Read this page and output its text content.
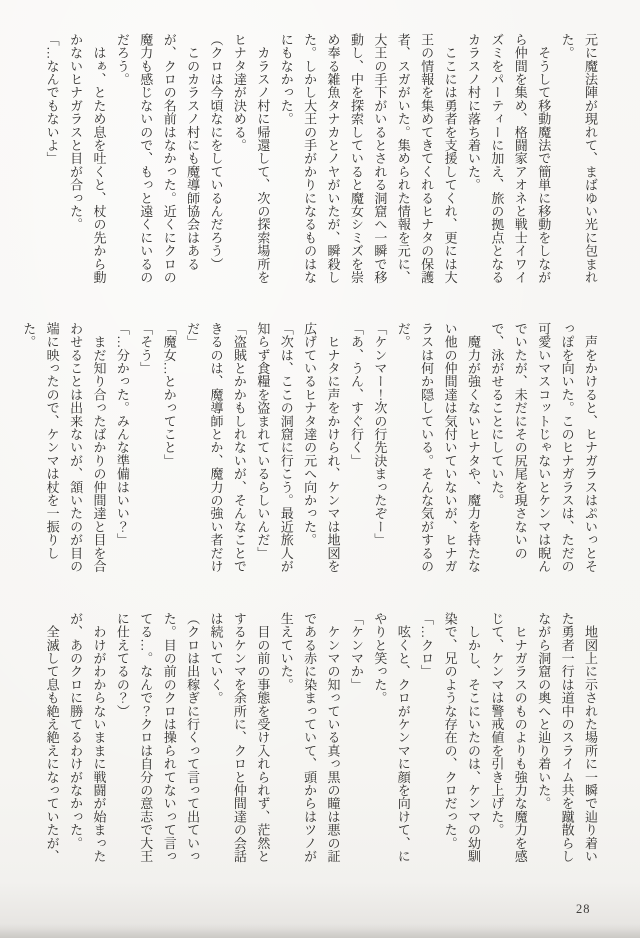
元に魔法陣が現れて、まばゆい光に包まれた。

　そうして移動魔法で簡単に移動をしながら仲間を集め、格闘家アオネと戦士イワイズミをパーティーに加え、旅の拠点となるカラスノ村に落ち着いた。

　ここには勇者を支援してくれ、更には大王の情報を集めてきてくれるヒナタの保護者、スガがいた。集められた情報を元に、大王の手下がいるとされる洞窟へ一瞬で移動し、中を探索していると魔女シミズを崇め奉る雑魚タナカとノヤがいたが、瞬殺した。しかし大王の手がかりになるものはなにもなかった。

　カラスノ村に帰還して、次の探索場所をヒナタ達が決める。

（クロは今頃なにをしているんだろう）

　このカラスノ村にも魔導師協会はあるが、クロの名前はなかった。近くにクロの魔力も感じないので、もっと遠くにいるのだろう。

　はぁ、とため息を吐くと、杖の先から動かないヒナガラスと目が合った。

「…なんでもないよ」

　声をかけると、ヒナガラスはぷいっとそっぽを向いた。このヒナガラスは、ただの可愛いマスコットじゃないとケンマは睨んでいたが、未だにその尻尾を現さないので、泳がせることにしていた。

　魔力が強くないヒナタや、魔力を持たない他の仲間達は気付いていないが、ヒナガラスは何か隠している。そんな気がするのだ。

「ケンマー！次の行先決まったぞー」

「あ、うん、すぐ行く」

　ヒナタに声をかけられ、ケンマは地図を広げているヒナタ達の元へ向かった。

「次は、ここの洞窟に行こう。最近旅人が知らず食糧を盗まれているらしいんだ」

「盗賊とかかもしれないが、そんなことできるのは、魔導師とか、魔力の強い者だけだ」

「魔女…とかってこと」

「そう」

「…分かった。みんな準備はいい？」

　まだ知り合ったばかりの仲間達と目を合わせることは出来ないが、頷いたのが目の端に映ったので、ケンマは杖を一振りした。

　地図上に示された場所に一瞬で辿り着いた勇者一行は道中のスライム共を蹴散らしながら洞窟の奥へと辿り着いた。

　ヒナガラスのものよりも強力な魔力を感じて、ケンマは警戒値を引き上げた。

　しかし、そこにいたのは、ケンマの幼馴染で、兄のような存在の、クロだった。

「…クロ」

　呟くと、クロがケンマに顔を向けて、にやりと笑った。

「ケンマか」

　ケンマの知っている真っ黒の瞳は悪の証である赤に染まっていて、頭からはツノが生えていた。

　目の前の事態を受け入れられず、茫然とするケンマを余所に、クロと仲間達の会話は続いていく。

（クロは出稼ぎに行くって言って出ていった。目の前のクロは操られてないって言ってる…。なんで？クロは自分の意志で大王に仕えてるの？）

　わけがわからないままに戦闘が始まったが、あのクロに勝てるわけがなかった。

　全滅して息も絶え絶えになっていたが、

28
